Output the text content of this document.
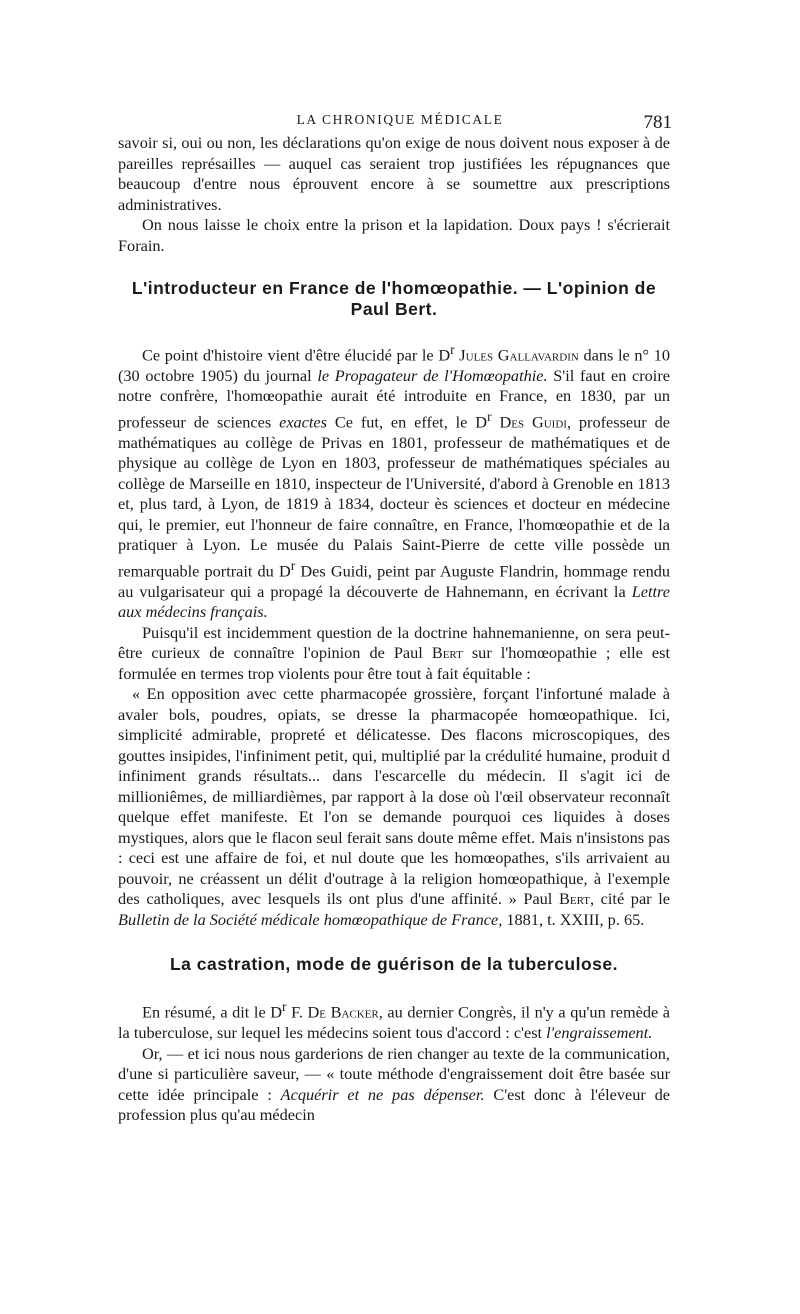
LA CHRONIQUE MÉDICALE	781

savoir si, oui ou non, les déclarations qu'on exige de nous doivent nous exposer à de pareilles représailles — auquel cas seraient trop justifiées les répugnances que beaucoup d'entre nous éprouvent encore à se soumettre aux prescriptions administratives.

On nous laisse le choix entre la prison et la lapidation. Doux pays ! s'écrierait Forain.

L'introducteur en France de l'homœopathie. — L'opinion de Paul Bert.

Ce point d'histoire vient d'être élucidé par le $D^r$ Jules Gallavardin dans le n° 10 (30 octobre 1905) du journal le Propagateur de l'Homœopathie. S'il faut en croire notre confrère, l'homœopathie aurait été introduite en France, en 1830, par un professeur de sciences exactes Ce fut, en effet, le $D^r$ Des Guidi, professeur de mathématiques au collège de Privas en 1801, professeur de mathématiques et de physique au collège de Lyon en 1803, professeur de mathématiques spéciales au collège de Marseille en 1810, inspecteur de l'Université, d'abord à Grenoble en 1813 et, plus tard, à Lyon, de 1819 à 1834, docteur ès sciences et docteur en médecine qui, le premier, eut l'honneur de faire connaître, en France, l'homœopathie et de la pratiquer à Lyon. Le musée du Palais Saint-Pierre de cette ville possède un remarquable portrait du $D^r$ Des Guidi, peint par Auguste Flandrin, hommage rendu au vulgarisateur qui a propagé la découverte de Hahnemann, en écrivant la Lettre aux médecins français.

Puisqu'il est incidemment question de la doctrine hahnemanienne, on sera peut-être curieux de connaître l'opinion de Paul Bert sur l'homœopathie ; elle est formulée en termes trop violents pour être tout à fait équitable :

« En opposition avec cette pharmacopée grossière, forçant l'infortuné malade à avaler bols, poudres, opiats, se dresse la pharmacopée homœopathique. Ici, simplicité admirable, propreté et délicatesse. Des flacons microscopiques, des gouttes insipides, l'infiniment petit, qui, multiplié par la crédulité humaine, produit d infiniment grands résultats... dans l'escarcelle du médecin. Il s'agit ici de millioniêmes, de milliardièmes, par rapport à la dose où l'œil observateur reconnaît quelque effet manifeste. Et l'on se demande pourquoi ces liquides à doses mystiques, alors que le flacon seul ferait sans doute même effet. Mais n'insistons pas : ceci est une affaire de foi, et nul doute que les homœopathes, s'ils arrivaient au pouvoir, ne créassent un délit d'outrage à la religion homœopathique, à l'exemple des catholiques, avec lesquels ils ont plus d'une affinité. » Paul Bert, cité par le Bulletin de la Société médicale homœopathique de France, 1881, t. XXIII, p. 65.

La castration, mode de guérison de la tuberculose.

En résumé, a dit le $D^r$ F. De Backer, au dernier Congrès, il n'y a qu'un remède à la tuberculose, sur lequel les médecins soient tous d'accord : c'est l'engraissement.

Or, — et ici nous nous garderions de rien changer au texte de la communication, d'une si particulière saveur, — « toute méthode d'engraissement doit être basée sur cette idée principale : Acquérir et ne pas dépenser. C'est donc à l'éleveur de profession plus qu'au médecin
